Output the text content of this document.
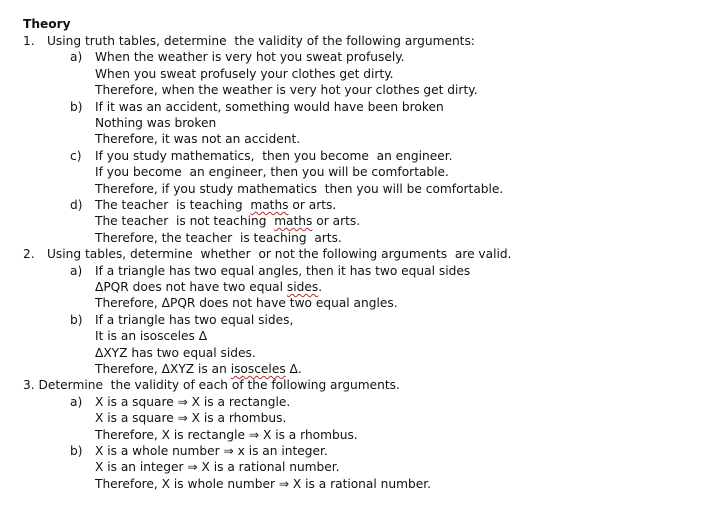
Theory
1. Using truth tables, determine  the validity of the following arguments:
a) When the weather is very hot you sweat profusely.
When you sweat profusely your clothes get dirty.
Therefore, when the weather is very hot your clothes get dirty.
b) If it was an accident, something would have been broken
Nothing was broken
Therefore, it was not an accident.
c) If you study mathematics,  then you become  an engineer.
If you become  an engineer, then you will be comfortable.
Therefore, if you study mathematics  then you will be comfortable.
d) The teacher  is teaching  maths or arts.
The teacher  is not teaching  maths or arts.
Therefore, the teacher  is teaching  arts.
2. Using tables, determine  whether  or not the following arguments  are valid.
a) If a triangle has two equal angles, then it has two equal sides
ΔPQR does not have two equal sides.
Therefore, ΔPQR does not have two equal angles.
b) If a triangle has two equal sides,
It is an isosceles Δ
ΔXYZ has two equal sides.
Therefore, ΔXYZ is an isosceles Δ.
3. Determine  the validity of each of the following arguments.
a) X is a square ⇒ X is a rectangle.
X is a square ⇒ X is a rhombus.
Therefore, X is rectangle ⇒ X is a rhombus.
b) X is a whole number ⇒ x is an integer.
X is an integer ⇒ X is a rational number.
Therefore, X is whole number ⇒ X is a rational number.
